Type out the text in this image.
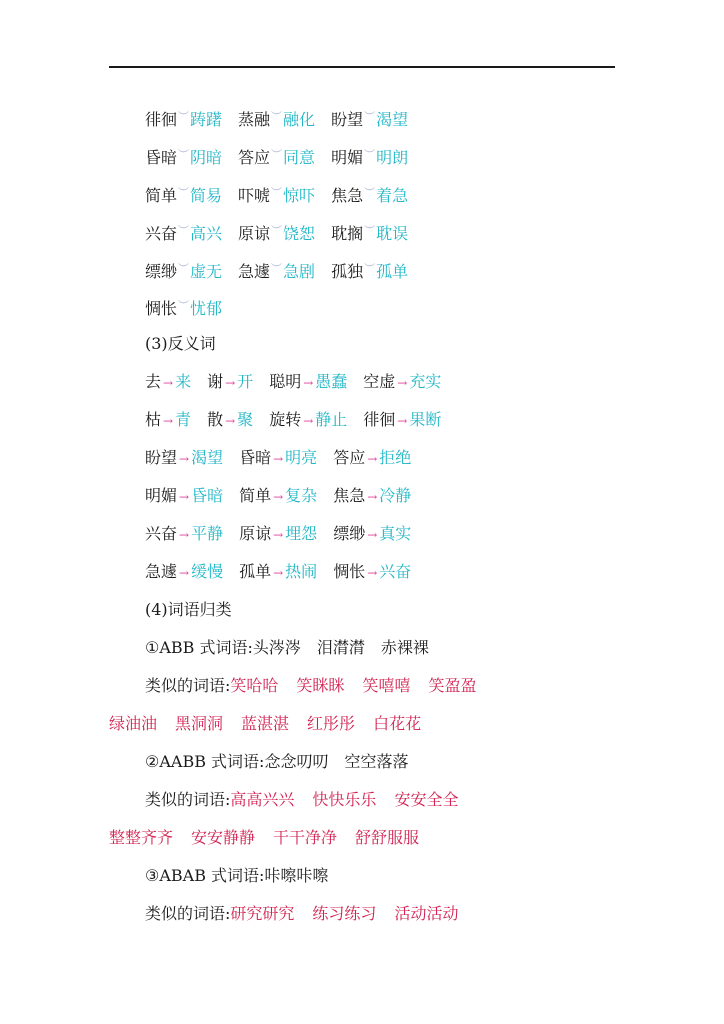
徘徊︶踌躇 蒸融︶融化 盼望︶渴望
昏暗︶阴暗 答应︶同意 明媚︶明朗
简单︶简易 吓唬︶惊吓 焦急︶着急
兴奋︶高兴 原谅︶饶恕 耽搁︶耽误
缥缈︶虚无 急遽︶急剧 孤独︶孤单
惆怅︶忧郁
(3)反义词
去 → 来 谢 → 开 聪明 → 愚蠢 空虚 → 充实
枯 → 青 散 → 聚 旋转 → 静止 徘徊 → 果断
盼望 → 渴望 昏暗 → 明亮 答应 → 拒绝
明媚 → 昏暗 简单 → 复杂 焦急 → 冷静
兴奋 → 平静 原谅 → 埋怨 缥缈 → 真实
急遽 → 缓慢 孤单 → 热闹 惆怅 → 兴奋
(4)词语归类
①ABB 式词语:头涔涔　泪潸潸　赤裸裸
类似的词语:笑哈哈 笑眯眯 笑嘻嘻 笑盈盈
绿油油 黑洞洞 蓝湛湛 红彤彤 白花花
②AABB 式词语:念念叨叨　空空落落
类似的词语:高高兴兴 快快乐乐 安安全全
整整齐齐 安安静静 干干净净 舒舒服服
③ABAB 式词语:咔嚓咔嚓
类似的词语:研究研究 练习练习 活动活动
